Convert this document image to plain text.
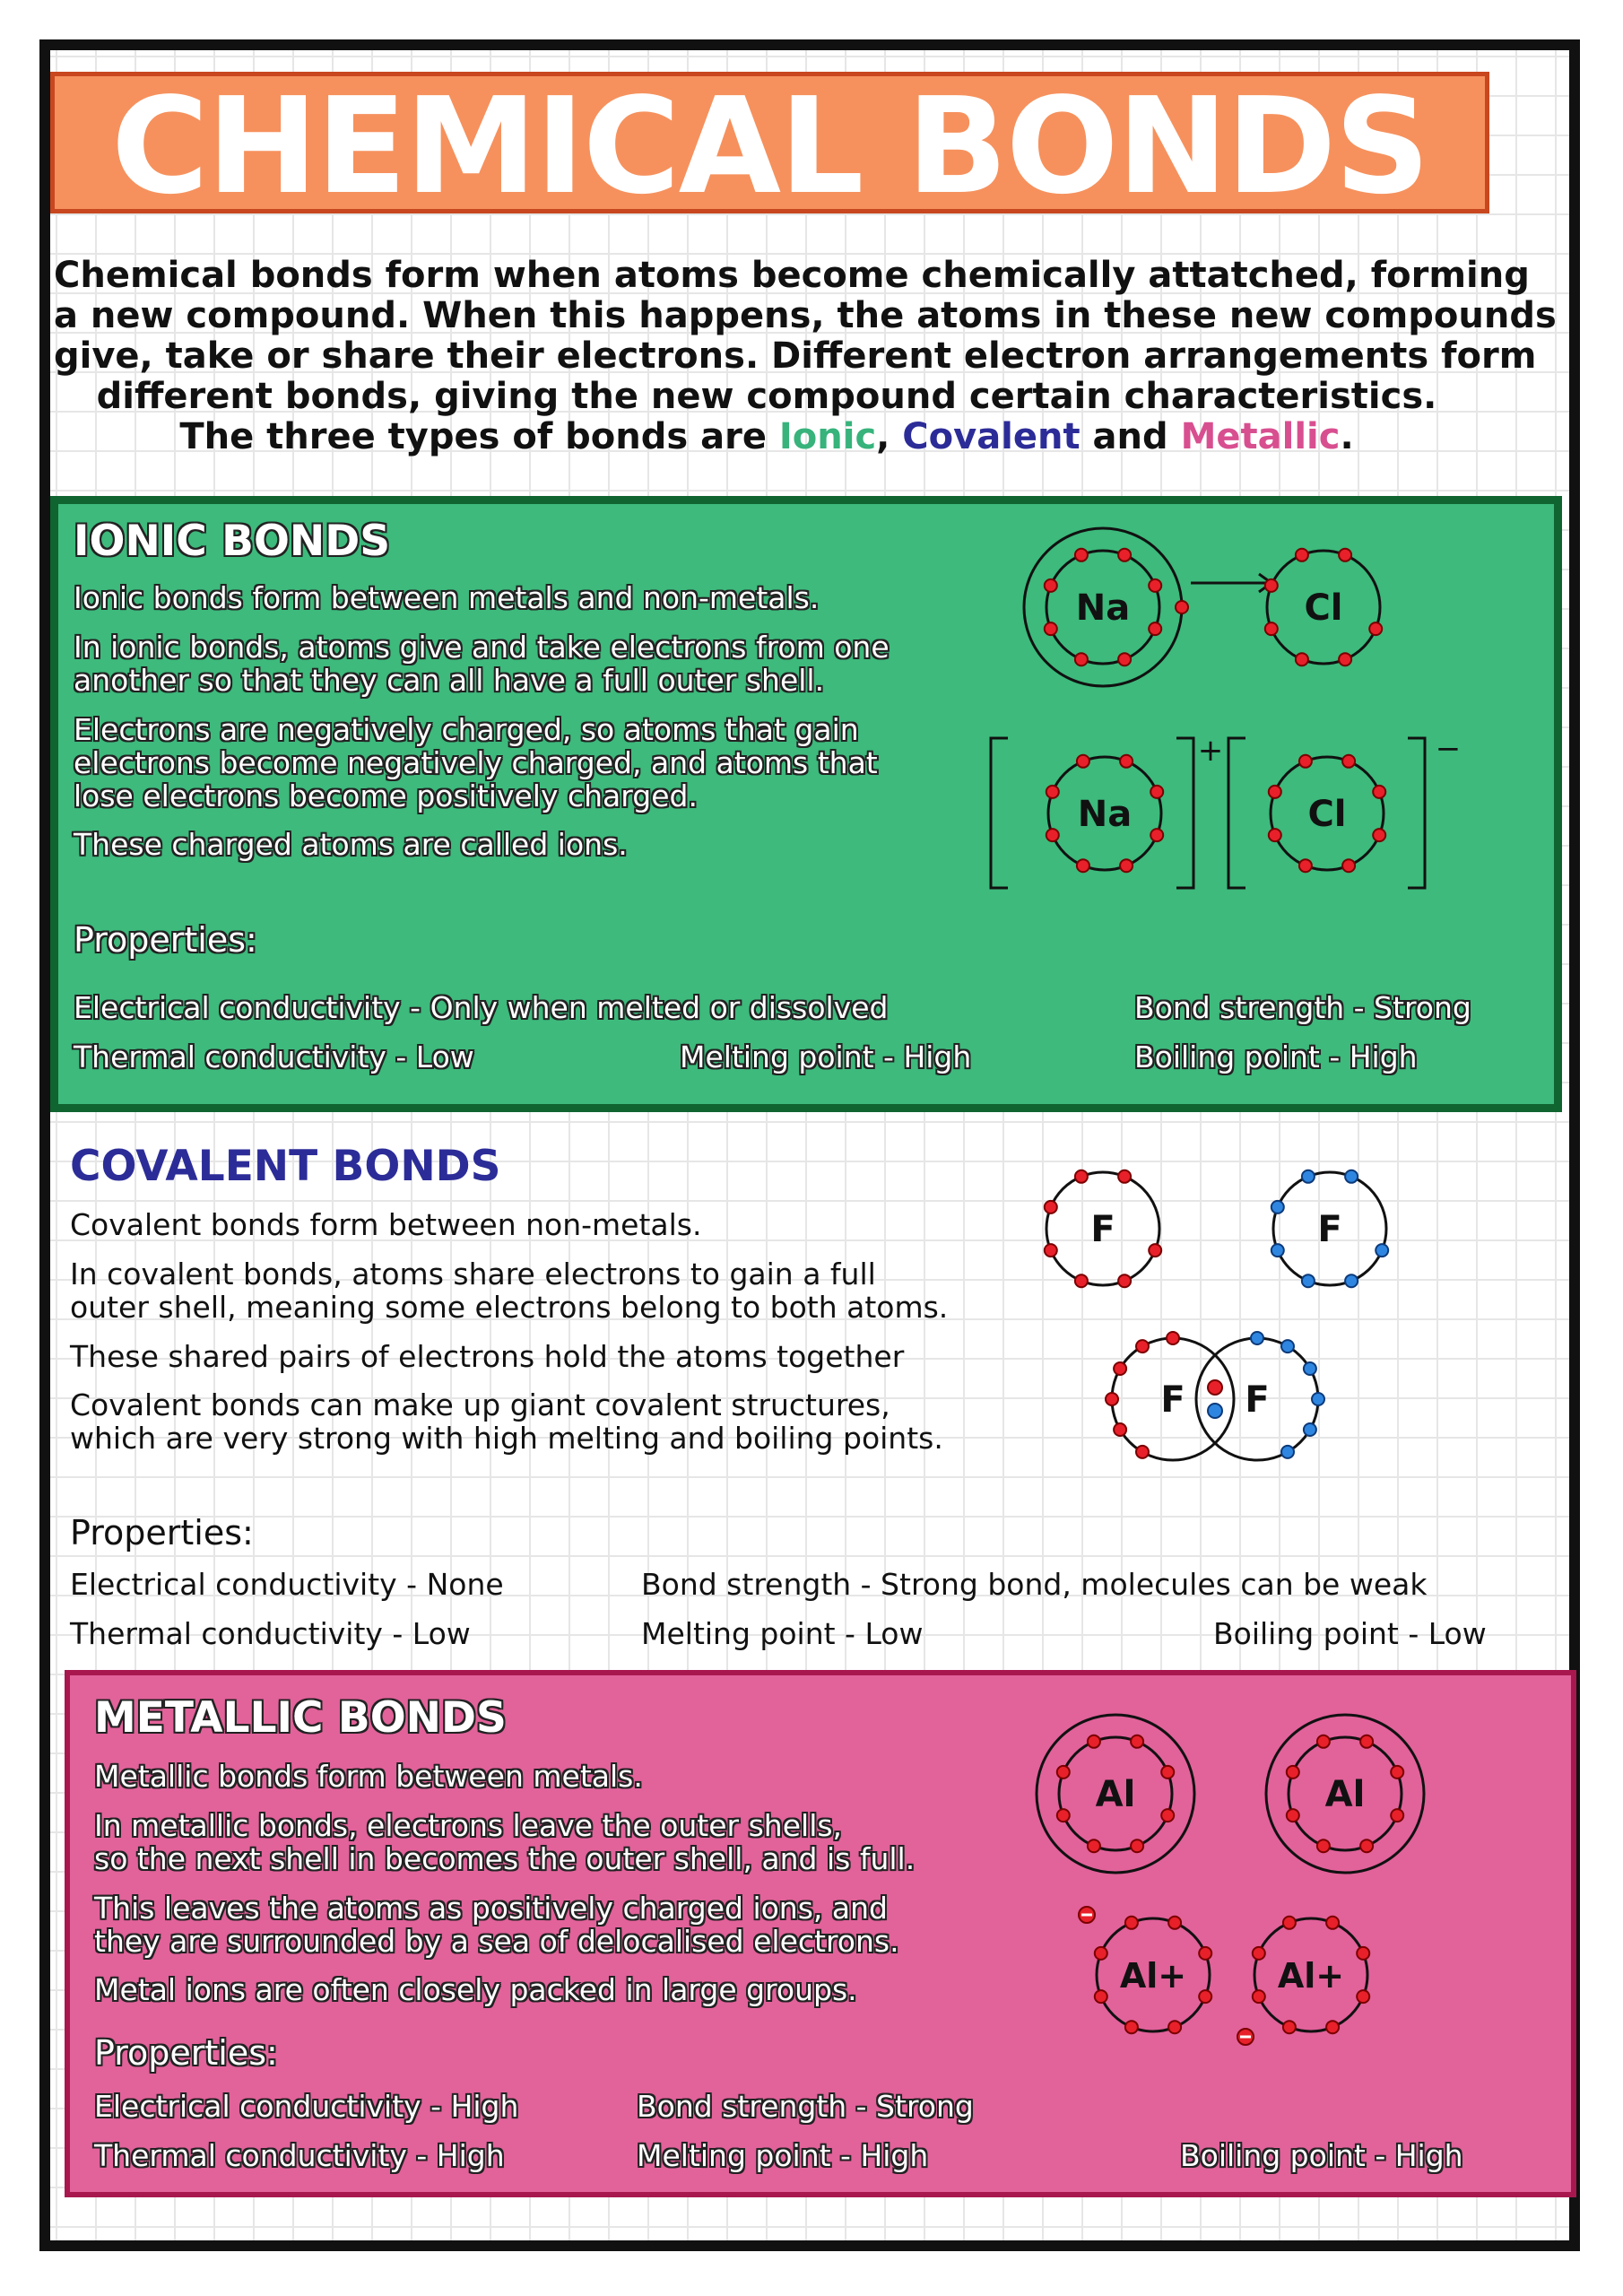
CHEMICAL BONDS
Chemical bonds form when atoms become chemically attatched, forming
a new compound. When this happens, the atoms in these new compounds
give, take or share their electrons. Different electron arrangements form
different bonds, giving the new compound certain characteristics.
The three types of bonds are Ionic, Covalent and Metallic.
IONIC BONDS
Ionic bonds form between metals and non-metals.
In ionic bonds, atoms give and take electrons from one
another so that they can all have a full outer shell.
Electrons are negatively charged, so atoms that gain
electrons become negatively charged, and atoms that
lose electrons become positively charged.
These charged atoms are called ions.
Properties:
Electrical conductivity - Only when melted or dissolved	Bond strength - Strong
Thermal conductivity - Low	Melting point - High	Boiling point - High
Na	Cl
Na
+
Cl
−
COVALENT BONDS
Covalent bonds form between non-metals.
In covalent bonds, atoms share electrons to gain a full
outer shell, meaning some electrons belong to both atoms.
These shared pairs of electrons hold the atoms together
Covalent bonds can make up giant covalent structures,
which are very strong with high melting and boiling points.
Properties:
Electrical conductivity - None	Bond strength - Strong bond, molecules can be weak
Thermal conductivity - Low	Melting point - Low	Boiling point - Low
F	F
F F
METALLIC BONDS
Metallic bonds form between metals.
In metallic bonds, electrons leave the outer shells,
so the next shell in becomes the outer shell, and is full.
This leaves the atoms as positively charged ions, and
they are surrounded by a sea of delocalised electrons.
Metal ions are often closely packed in large groups.
Properties:
Electrical conductivity - High	Bond strength - Strong
Thermal conductivity - High	Melting point - High	Boiling point - High
Al	Al
Al+	Al+
